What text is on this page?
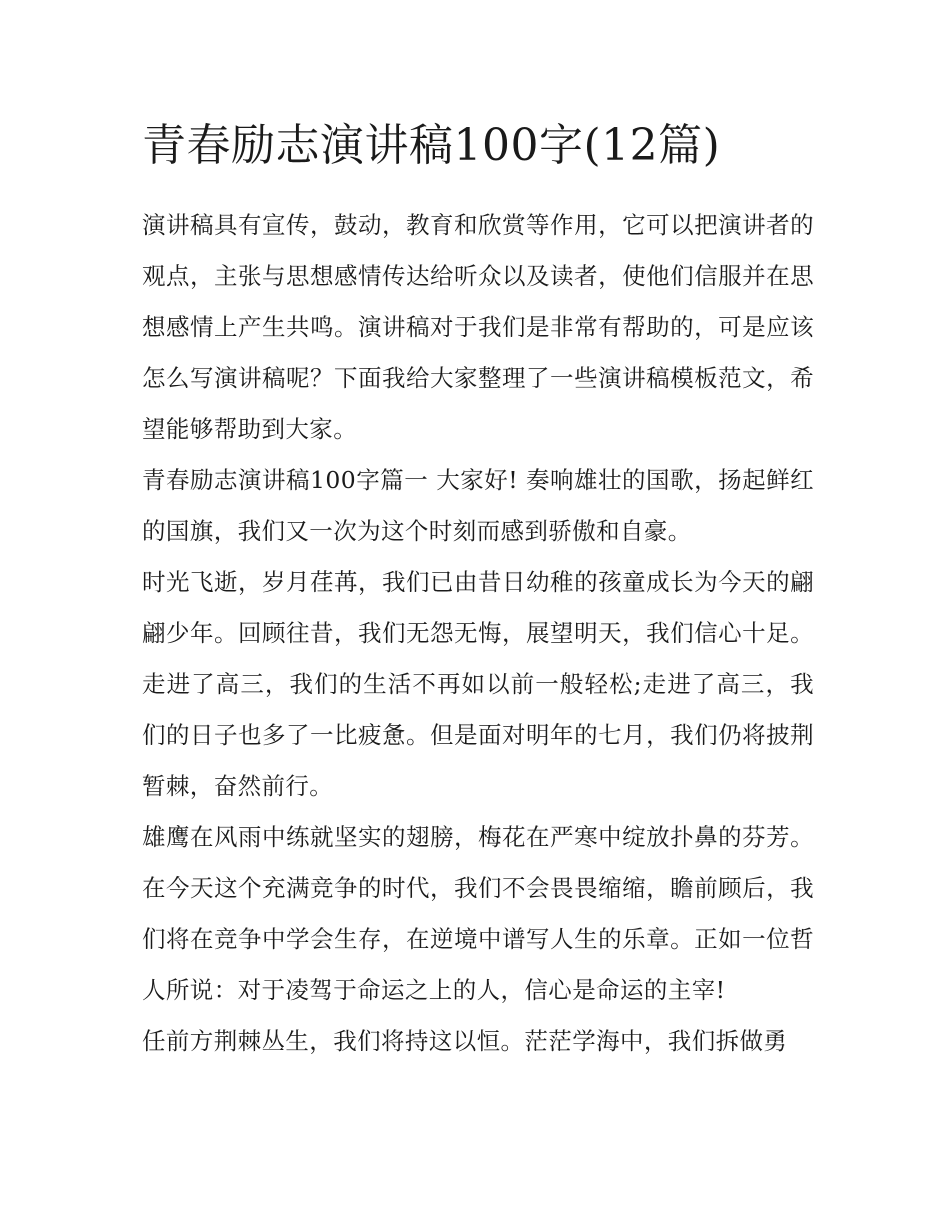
青春励志演讲稿100字(12篇)

演讲稿具有宣传，鼓动，教育和欣赏等作用，它可以把演讲者的观点，主张与思想感情传达给听众以及读者，使他们信服并在思想感情上产生共鸣。演讲稿对于我们是非常有帮助的，可是应该怎么写演讲稿呢？下面我给大家整理了一些演讲稿模板范文，希望能够帮助到大家。

青春励志演讲稿100字篇一 大家好! 奏响雄壮的国歌，扬起鲜红的国旗，我们又一次为这个时刻而感到骄傲和自豪。

时光飞逝，岁月荏苒，我们已由昔日幼稚的孩童成长为今天的翩翩少年。回顾往昔，我们无怨无悔，展望明天，我们信心十足。走进了高三，我们的生活不再如以前一般轻松;走进了高三，我们的日子也多了一比疲惫。但是面对明年的七月，我们仍将披荆暂棘，奋然前行。

雄鹰在风雨中练就坚实的翅膀，梅花在严寒中绽放扑鼻的芬芳。在今天这个充满竞争的时代，我们不会畏畏缩缩，瞻前顾后，我们将在竞争中学会生存，在逆境中谱写人生的乐章。正如一位哲人所说：对于凌驾于命运之上的人，信心是命运的主宰!

任前方荆棘丛生，我们将持这以恒。茫茫学海中，我们拆做勇
